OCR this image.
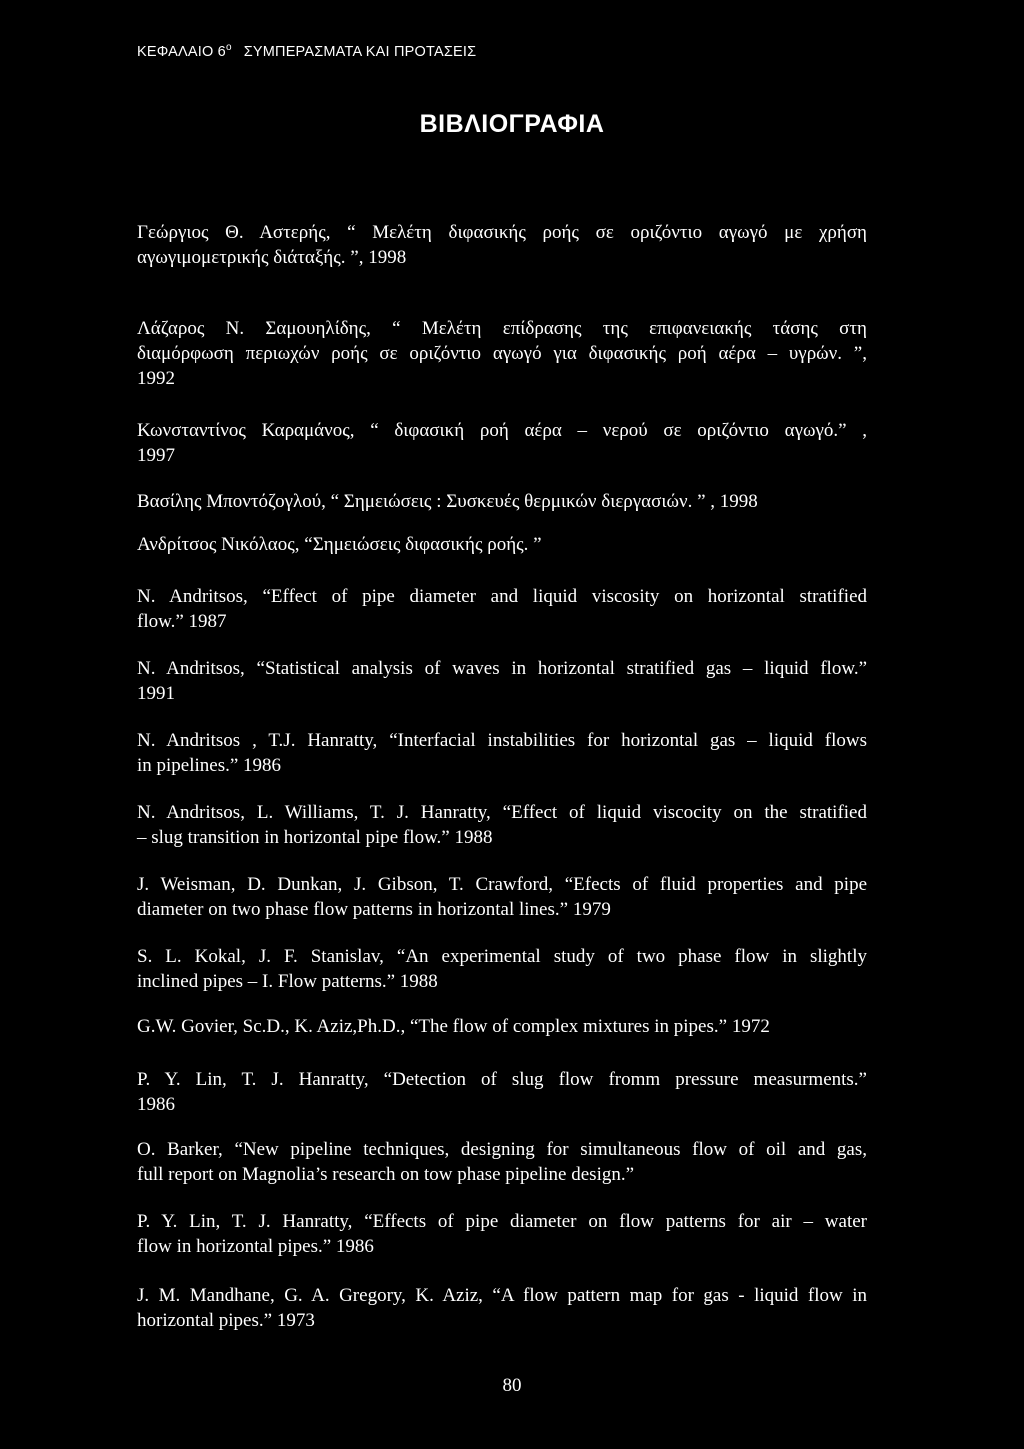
ΚΕΦΑΛΑΙΟ $6^o$ ΣΥΜΠΕΡΑΣΜΑΤΑ ΚΑΙ ΠΡΟΤΑΣΕΙΣ
ΒΙΒΛΙΟΓΡΑΦΙΑ
Γεώργιος Θ. Αστερής, “ Μελέτη διφασικής ροής σε οριζόντιο αγωγό με χρήση
αγωγιμομετρικής διάταξής. ”, 1998
Λάζαρος Ν. Σαμουηλίδης, “ Μελέτη επίδρασης της επιφανειακής τάσης στη
διαμόρφωση περιωχών ροής σε οριζόντιο αγωγό για διφασικής ροή αέρα – υγρών. ”,
1992
Κωνσταντίνος Καραμάνος, “ διφασική ροή αέρα – νερού σε οριζόντιο αγωγό.” ,
1997
Βασίλης Μποντόζογλού, “ Σημειώσεις : Συσκευές θερμικών διεργασιών. ” , 1998
Ανδρίτσος Νικόλαος, “Σημειώσεις διφασικής ροής. ”
N. Andritsos, “Effect of pipe diameter and liquid viscosity on horizontal stratified
flow.” 1987
N. Andritsos, “Statistical analysis of waves in horizontal stratified gas – liquid flow.”
1991
N. Andritsos , T.J. Hanratty, “Interfacial instabilities for horizontal gas – liquid flows
in pipelines.” 1986
N. Andritsos, L. Williams, T. J. Hanratty, “Effect of liquid viscocity on the stratified
– slug transition in horizontal pipe flow.” 1988
J. Weisman, D. Dunkan, J. Gibson, T. Crawford, “Efects of fluid properties and pipe
diameter on two phase flow patterns in horizontal lines.” 1979
S. L. Kokal, J. F. Stanislav, “An experimental study of two phase flow in slightly
inclined pipes – I. Flow patterns.” 1988
G.W. Govier, Sc.D., K. Aziz,Ph.D., “The flow of complex mixtures in pipes.” 1972
P. Y. Lin, T. J. Hanratty, “Detection of slug flow fromm pressure measurments.”
1986
O. Barker, “New pipeline techniques, designing for simultaneous flow of oil and gas,
full report on Magnolia’s research on tow phase pipeline design.”
P. Y. Lin, T. J. Hanratty, “Effects of pipe diameter on flow patterns for air – water
flow in horizontal pipes.” 1986
J. M. Mandhane, G. A. Gregory, K. Aziz, “A flow pattern map for gas - liquid flow in
horizontal pipes.” 1973
80
